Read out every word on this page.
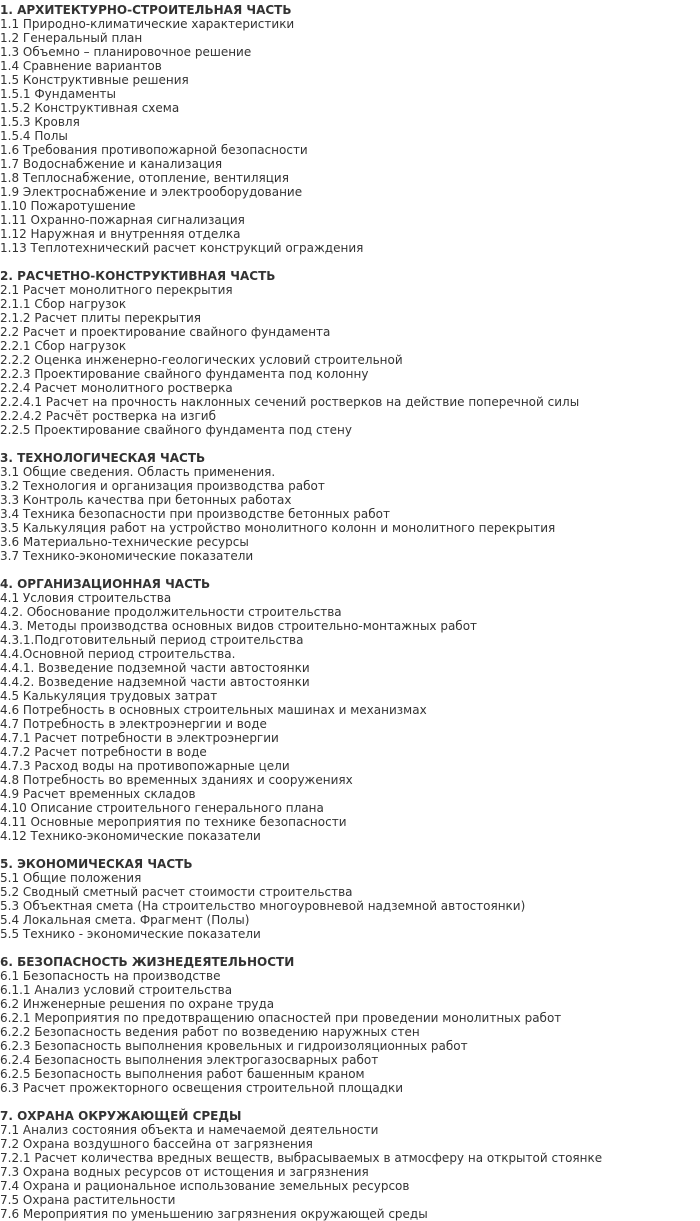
1. АРХИТЕКТУРНО-СТРОИТЕЛЬНАЯ ЧАСТЬ
1.1 Природно-климатические характеристики
1.2 Генеральный план
1.3 Объемно – планировочное решение
1.4 Сравнение вариантов
1.5 Конструктивные решения
1.5.1 Фундаменты
1.5.2 Конструктивная схема
1.5.3 Кровля
1.5.4 Полы
1.6 Требования противопожарной безопасности
1.7 Водоснабжение и канализация
1.8 Теплоснабжение, отопление, вентиляция
1.9 Электроснабжение и электрооборудование
1.10 Пожаротушение
1.11 Охранно-пожарная сигнализация
1.12 Наружная и внутренняя отделка
1.13 Теплотехнический расчет конструкций ограждения
2. РАСЧЕТНО-КОНСТРУКТИВНАЯ ЧАСТЬ
2.1 Расчет монолитного перекрытия
2.1.1 Сбор нагрузок
2.1.2 Расчет плиты перекрытия
2.2 Расчет и проектирование свайного фундамента
2.2.1 Сбор нагрузок
2.2.2 Оценка инженерно-геологических условий строительной
2.2.3 Проектирование свайного фундамента под колонну
2.2.4 Расчет монолитного ростверка
2.2.4.1 Расчет на прочность наклонных сечений ростверков на действие поперечной силы
2.2.4.2 Расчёт ростверка на изгиб
2.2.5 Проектирование свайного фундамента под стену
3. ТЕХНОЛОГИЧЕСКАЯ ЧАСТЬ
3.1 Общие сведения. Область применения.
3.2 Технология и организация производства работ
3.3 Контроль качества при бетонных работах
3.4 Техника безопасности при производстве бетонных работ
3.5 Калькуляция работ на устройство монолитного колонн и монолитного перекрытия
3.6 Материально-технические ресурсы
3.7 Технико-экономические показатели
4. ОРГАНИЗАЦИОННАЯ ЧАСТЬ
4.1 Условия строительства
4.2. Обоснование продолжительности строительства
4.3. Методы производства основных видов строительно-монтажных работ
4.3.1.Подготовительный период строительства
4.4.Основной период строительства.
4.4.1. Возведение подземной части автостоянки
4.4.2. Возведение надземной части автостоянки
4.5 Калькуляция трудовых затрат
4.6 Потребность в основных строительных машинах и механизмах
4.7 Потребность в электроэнергии и воде
4.7.1 Расчет потребности в электроэнергии
4.7.2 Расчет потребности в воде
4.7.3 Расход воды на противопожарные цели
4.8 Потребность во временных зданиях и сооружениях
4.9 Расчет временных складов
4.10 Описание строительного генерального плана
4.11 Основные мероприятия по технике безопасности
4.12 Технико-экономические показатели
5. ЭКОНОМИЧЕСКАЯ ЧАСТЬ
5.1 Общие положения
5.2 Сводный сметный расчет стоимости строительства
5.3 Объектная смета (На строительство многоуровневой надземной автостоянки)
5.4 Локальная смета. Фрагмент (Полы)
5.5 Технико - экономические показатели
6. БЕЗОПАСНОСТЬ ЖИЗНЕДЕЯТЕЛЬНОСТИ
6.1 Безопасность на производстве
6.1.1 Анализ условий строительства
6.2 Инженерные решения по охране труда
6.2.1 Мероприятия по предотвращению опасностей при проведении монолитных работ
6.2.2 Безопасность ведения работ по возведению наружных стен
6.2.3 Безопасность выполнения кровельных и гидроизоляционных работ
6.2.4 Безопасность выполнения электрогазосварных работ
6.2.5 Безопасность выполнения работ башенным краном
6.3 Расчет прожекторного освещения строительной площадки
7. ОХРАНА ОКРУЖАЮЩЕЙ СРЕДЫ
7.1 Анализ состояния объекта и намечаемой деятельности
7.2 Охрана воздушного бассейна от загрязнения
7.2.1 Расчет количества вредных веществ, выбрасываемых в атмосферу на открытой стоянке
7.3 Охрана водных ресурсов от истощения и загрязнения
7.4 Охрана и рациональное использование земельных ресурсов
7.5 Охрана растительности
7.6 Мероприятия по уменьшению загрязнения окружающей среды
